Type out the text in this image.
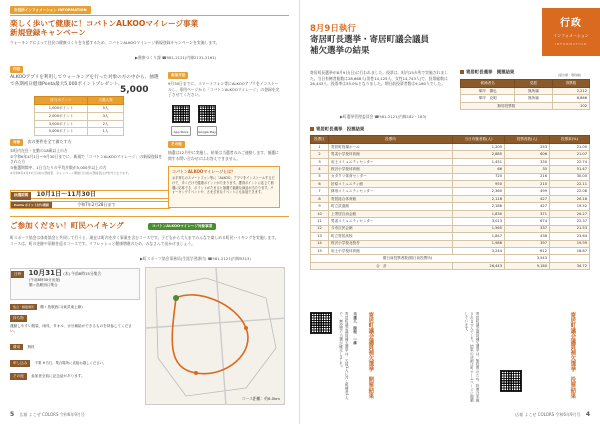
市役所インフォメーション INFORMATION
楽しく歩いて健康に！コバトンALKOOマイレージ事業
新規登録キャンペーン
ウォーキングによって住民の健康づくりを支援するため、コバトンALKOOマイレージ新規登録キャンペーンを実施します。
▶健康づくり課 ☎581-2121(内線2131-2161)
内容
ALKOOアプリを利用してウォーキングを行った対象の方の中から、抽選で各期初日健康Ponta最大5,000ポイントプレゼント。
5,000
付与ポイント	当選人数
1,000ポイント	5人
2,000ポイント	3人
3,000ポイント	2人
5,000ポイント	1人
対象 次の要件を全て満たす方
①町内在住・在勤の18歳以上の方
②令和6年4月1日〜9月30日までに、新規で「コバトンALKOOマイレージ」の新規登録をされた方
③抽選期間中、1日当たりの平均歩数が5,000歩以上の方
※令和6年3月31日以前の登録者、キャンペーン開始日以前の登録者は対象外となります。
抽選期間 10月1日〜11月30日
Ponta ポイント付与期間	令和7年2月28日まで
参加方法
9月30日までに、スマートフォン等にALKOOアプリをインストールし、専用ページから「コバトンALKOOマイレージ」の登録を完了させてください。
App Store	Google Play
その他
抽選は12月中に実施し、結果は当選者のみご連絡します。抽選に関する問い合わせにはお答えできません。
コバトンALKOOマイレージとは？
お手持ちのスマートフォン等に「ALKOO」アプリをインストールするだけで、歩くだけで健康ポイントがたまります。獲得ポイントに応じて抽選に応募でき、ポイントがたまると抽選で素敵な商品が当たります。ウォーキングイベントや、さまざまなイベントにも参加できます。
ご参加ください！町民ハイキング	コバトンALKOOマイレージ対象事業
町スポーツ協会は体育協会と共同して行うと、現在は町内を歩く事業を含むコースです。子どもから大人までみんなで楽しめる町民ハイキングを実施します。コースは、町の史跡や旧跡を巡るコースです。リフレッシュと健康増進のため、みなさんで出かけましょう。
▶町スポーツ協会事務局(生涯学習課内) ☎581-2121(内線5313)
日時 10月31日 (木) 午前8時15分集合
(午前8時30分出発)
鶴ヶ島駅西口集合
集合・解散場所 鶴ヶ島駅西口(東武東上線)
持ち物
運動しやすい服装、雨具、タオル、水分補給ができるものを持参してください。
費用 無料
申し込み 不要 ※当日、集合場所に直接お越しください。
その他 参加者全員に記念品があります。
コース距離：約6.0km
5 広報 よこぜ COLORS 令和6年9月号
行政
インフォメーション
INFORMATION
8月9日執行
寄居町長選挙・寄居町議会議員
補欠選挙の結果
寄居町長選挙が8月9日(日)に行われました。投票は、町内15カ所で実施されました。当日有権者総数は28,868人(男性14,125人、女性14,743人)で、投票総数は26,443人、投票率は55.0%となりました。期日前投票者数は9,160人でした。
▶町選挙管理委員会 ☎581-2121(内線182・183)
寄居町長選挙　開票結果	(届出順・敬称略)
候補者名	党派	得票数
峯岸　優也	無所属	2,212
峯岸　克明	無所属	6,866
無効投票数		102
寄居町長選挙　投票結果
投票区	投票所	当日有権者数(人)	投票者数(人)	投票率(%)
1	寄居町役場ホール	1,205	253	21.00
2	男衾小学校体育館	2,885	606	21.07
3	用土コミュニティセンター	1,451	330	22.74
4	桜沢小学校体育館	66	35	51.47
5	カタクリ体育センター	720	216	30.00
6	折原コミュニティ館	950	210	22.11
7	鉢形コミュニティセンター	2,360	499	22.08
8	寄居総合体育館	2,116	427	20.18
9	町立武道館	2,186	427	19.52
10	上寄居自治会館	1,830	371	20.27
11	男衾コミュニティセンター	3,013	674	22.37
12	今市区民会館	1,565	337	21.53
13	町立寄居高校	1,847	436	23.64
14	桜沢小学校北校舎	1,986	397	19.99
15	用土小学校体育館	3,244	612	18.87
期日前投票者数(期日前投票所)			3,543	
合　計		26,443	9,160	34.72
寄居町議会議員補欠選挙は、欠員1人に対し候補者1人で、無投票で当選が確定しました。	当選人　関根　一雄 寄居町議会議員補欠選挙　開票結果	寄居町議会議員補欠選挙は、無投票のため、投票は実施されませんでした。結果の詳細は町ホームページに掲載しています。	寄居町議会議員補欠選挙　投票結果
広報 よこぜ COLORS 令和6年9月号 4
